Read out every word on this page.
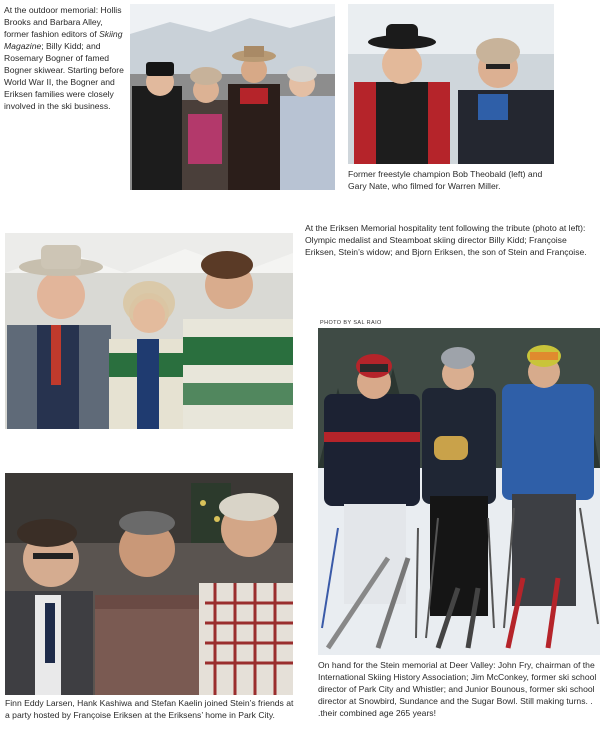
At the outdoor memorial: Hollis Brooks and Barbara Alley, former fashion editors of Skiing Magazine; Billy Kidd; and Rosemary Bogner of famed Bogner skiwear. Starting before World War II, the Bogner and Eriksen families were closely involved in the ski business.

Former freestyle champion Bob Theobald (left) and Gary Nate, who filmed for Warren Miller.

At the Eriksen Memorial hospitality tent following the tribute (photo at left): Olympic medalist and Steamboat skiing director Billy Kidd; Françoise Eriksen, Stein’s widow; and Bjorn Eriksen, the son of Stein and Françoise.

PHOTO BY SAL RAIO

Finn Eddy Larsen, Hank Kashiwa and Stefan Kaelin joined Stein’s friends at a party hosted by Françoise Eriksen at the Eriksens’ home in Park City.

On hand for the Stein memorial at Deer Valley: John Fry, chairman of the International Skiing History Association; Jim McConkey, former ski school director of Park City and Whistler; and Junior Bounous, former ski school director at Snowbird, Sundance and the Sugar Bowl. Still making turns. . .their combined age 265 years!
